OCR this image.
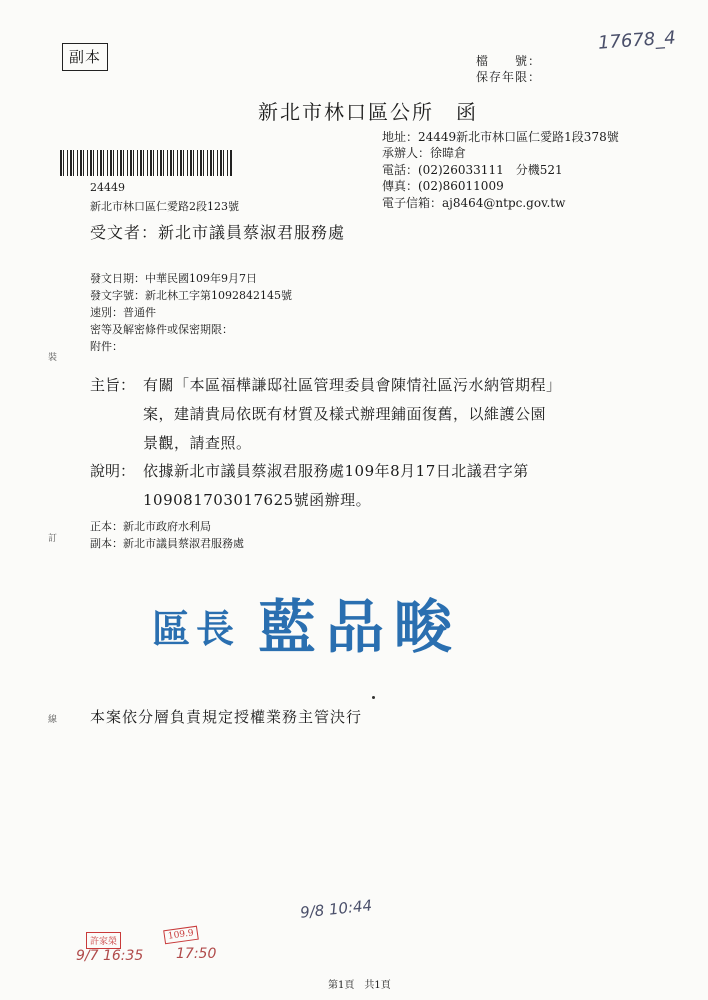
副本	檔　　號：
保存年限：
17678_4
新北市林口區公所　函
地址：24449新北市林口區仁愛路1段378號
承辦人：徐暐倉
電話：(02)26033111　分機521
傳真：(02)86011009
電子信箱：aj8464@ntpc.gov.tw
24449
新北市林口區仁愛路2段123號
受文者：新北市議員蔡淑君服務處
發文日期：中華民國109年9月7日
發文字號：新北林工字第1092842145號
速別：普通件
密等及解密條件或保密期限：
附件：
裝
訂
線
主旨： 有關「本區福樺謙邸社區管理委員會陳情社區污水納管期程」
案，建請貴局依既有材質及樣式辦理鋪面復舊，以維護公園
景觀，請查照。
說明： 依據新北市議員蔡淑君服務處109年8月17日北議君字第
109081703017625號函辦理。
正本：新北市政府水利局
副本：新北市議員蔡淑君服務處
區長 藍品畯
本案依分層負責規定授權業務主管決行
許家榮
9/7 16:35
109.9
17:50
9/8 10:44
第1頁　共1頁
